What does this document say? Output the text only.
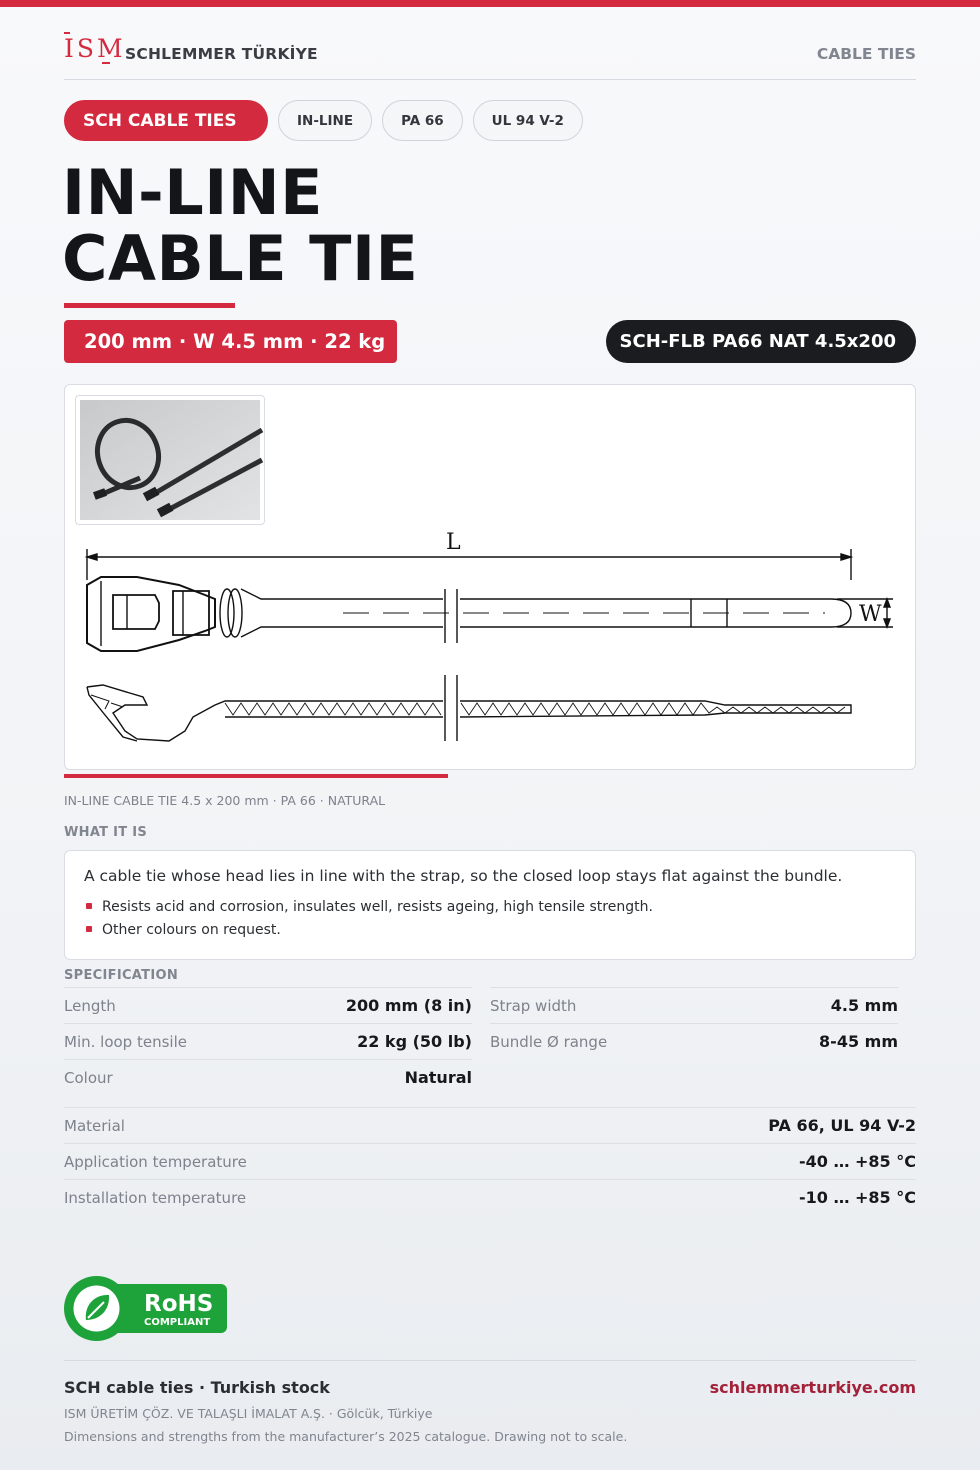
ISM SCHLEMMER TÜRKİYE	CABLE TIES
SCH CABLE TIES	IN-LINE	PA 66	UL 94 V-2
IN-LINE
CABLE TIE
200 mm · W 4.5 mm · 22 kg	SCH-FLB PA66 NAT 4.5x200
L
W
IN-LINE CABLE TIE 4.5 x 200 mm · PA 66 · NATURAL
WHAT IT IS
A cable tie whose head lies in line with the strap, so the closed loop stays flat against the bundle.
Resists acid and corrosion, insulates well, resists ageing, high tensile strength.
Other colours on request.
SPECIFICATION
Length	200 mm (8 in)
Min. loop tensile	22 kg (50 lb)
Colour	Natural
Strap width	4.5 mm
Bundle Ø range	8-45 mm
Material	PA 66, UL 94 V-2
Application temperature	-40 … +85 °C
Installation temperature	-10 … +85 °C
RoHS
COMPLIANT
SCH cable ties · Turkish stock	schlemmerturkiye.com
ISM ÜRETİM ÇÖZ. VE TALAŞLI İMALAT A.Ş. · Gölcük, Türkiye
Dimensions and strengths from the manufacturer’s 2025 catalogue. Drawing not to scale.
